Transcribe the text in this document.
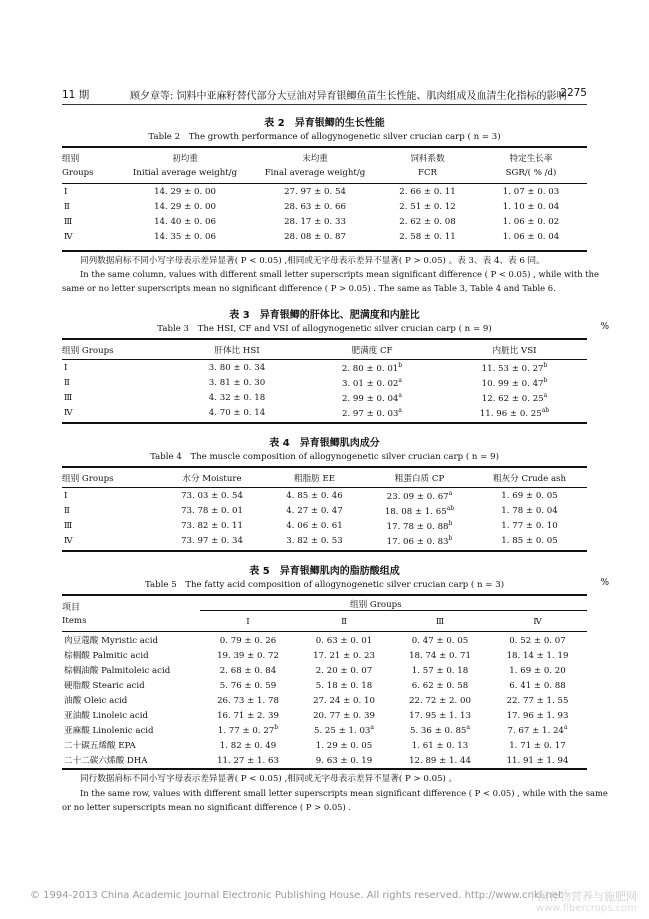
11 期	顾夕章等: 饲料中亚麻籽替代部分大豆油对异育银鲫鱼苗生长性能、肌肉组成及血清生化指标的影响
2275
表 2　异育银鲫的生长性能
Table 2　The growth performance of allogynogenetic silver crucian carp ( n = 3)
组别	初均重	末均重	饲料系数	特定生长率
Groups	Initial average weight/g	Final average weight/g	FCR	SGR/( % /d)

Ⅰ	14. 29 ± 0. 00	27. 97 ± 0. 54	2. 66 ± 0. 11	1. 07 ± 0. 03
Ⅱ	14. 29 ± 0. 00	28. 63 ± 0. 66	2. 51 ± 0. 12	1. 10 ± 0. 04
Ⅲ	14. 40 ± 0. 06	28. 17 ± 0. 33	2. 62 ± 0. 08	1. 06 ± 0. 02
Ⅳ	14. 35 ± 0. 06	28. 08 ± 0. 87	2. 58 ± 0. 11	1. 06 ± 0. 04
同列数据肩标不同小写字母表示差异显著( P < 0.05) ,相同或无字母表示差异不显著( P > 0.05) 。表 3、表 4、表 6 同。
In the same column, values with different small letter superscripts mean significant difference ( P < 0.05) , while with the
same or no letter superscripts mean no significant difference ( P > 0.05) . The same as Table 3, Table 4 and Table 6.
表 3　异育银鲫的肝体比、肥满度和内脏比
Table 3　The HSI, CF and VSI of allogynogenetic silver crucian carp ( n = 9)	%
组别 Groups	肝体比 HSI	肥满度 CF	内脏比 VSI

Ⅰ	3. 80 ± 0. 34	2. 80 ± 0. 01$^b$	11. 53 ± 0. 27$^b$
Ⅱ	3. 81 ± 0. 30	3. 01 ± 0. 02$^a$	10. 99 ± 0. 47$^b$
Ⅲ	4. 32 ± 0. 18	2. 99 ± 0. 04$^a$	12. 62 ± 0. 25$^a$
Ⅳ	4. 70 ± 0. 14	2. 97 ± 0. 03$^a$	11. 96 ± 0. $25^{ab}$
表 4　异育银鲫肌肉成分
Table 4　The muscle composition of allogynogenetic silver crucian carp ( n = 9)
组别 Groups	水分 Moisture	粗脂肪 EE	粗蛋白质 CP	粗灰分 Crude ash

Ⅰ	73. 03 ± 0. 54	4. 85 ± 0. 46	23. 09 ± 0. 67$^a$	1. 69 ± 0. 05
Ⅱ	73. 78 ± 0. 01	4. 27 ± 0. 47	18. 08 ± 1. $65^{ab}$	1. 78 ± 0. 04
Ⅲ	73. 82 ± 0. 11	4. 06 ± 0. 61	17. 78 ± 0. 88$^b$	1. 77 ± 0. 10
Ⅳ	73. 97 ± 0. 34	3. 82 ± 0. 53	17. 06 ± 0. 83$^b$	1. 85 ± 0. 05
表 5　异育银鲫肌肉的脂肪酸组成
Table 5　The fatty acid composition of allogynogenetic silver crucian carp ( n = 3)	%
项目
Items
组别 Groups
	Ⅰ	Ⅱ	Ⅲ	Ⅳ

肉豆蔻酸 Myristic acid	0. 79 ± 0. 26	0. 63 ± 0. 01	0. 47 ± 0. 05	0. 52 ± 0. 07
棕榈酸 Palmitic acid	19. 39 ± 0. 72	17. 21 ± 0. 23	18. 74 ± 0. 71	18. 14 ± 1. 19
棕榈油酸 Palmitoleic acid	2. 68 ± 0. 84	2. 20 ± 0. 07	1. 57 ± 0. 18	1. 69 ± 0. 20
硬脂酸 Stearic acid	5. 76 ± 0. 59	5. 18 ± 0. 18	6. 62 ± 0. 58	6. 41 ± 0. 88
油酸 Oleic acid	26. 73 ± 1. 78	27. 24 ± 0. 10	22. 72 ± 2. 00	22. 77 ± 1. 55
亚油酸 Linoleic acid	16. 71 ± 2. 39	20. 77 ± 0. 39	17. 95 ± 1. 13	17. 96 ± 1. 93
亚麻酸 Linolenic acid	1. 77 ± 0. 27$^b$	5. 25 ± 1. 03$^a$	5. 36 ± 0. 85$^a$	7. 67 ± 1. 24$^a$
二十碳五烯酸 EPA	1. 82 ± 0. 49	1. 29 ± 0. 05	1. 61 ± 0. 13	1. 71 ± 0. 17
二十二碳六烯酸 DHA	11. 27 ± 1. 63	9. 63 ± 0. 19	12. 89 ± 1. 44	11. 91 ± 1. 94
同行数据肩标不同小写字母表示差异显著( P < 0.05) ,相同或无字母表示差异不显著( P > 0.05) 。
In the same row, values with different small letter superscripts mean significant difference ( P < 0.05) , while with the same
or no letter superscripts mean no significant difference ( P > 0.05) .
© 1994-2013 China Academic Journal Electronic Publishing House. All rights reserved. http://www.cnki.net
中国作物营养与施肥网
www.fibercrops.com
